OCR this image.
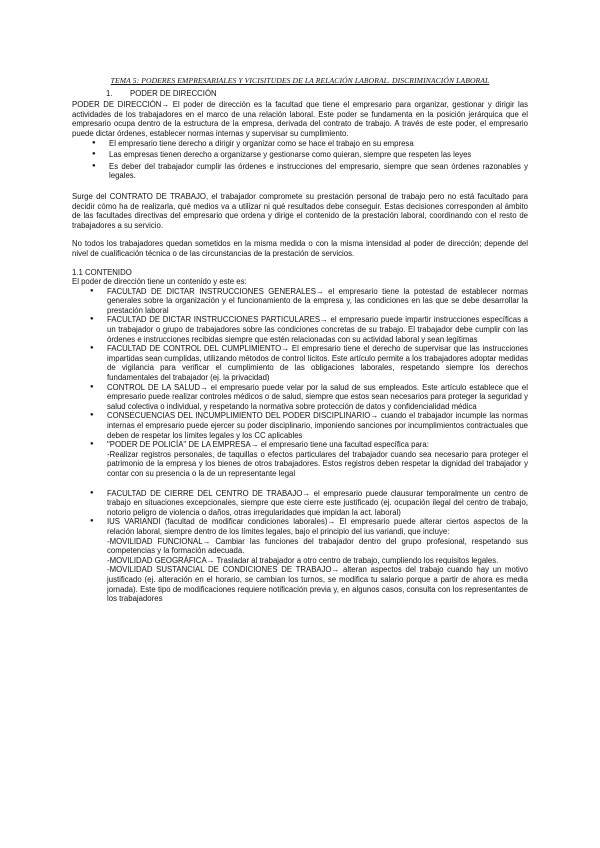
TEMA 5: PODERES EMPRESARIALES Y VICISITUDES DE LA RELACIÓN LABORAL. DISCRIMINACIÓN LABORAL
1. PODER DE DIRECCIÓN

PODER DE DIRECCIÓN→ El poder de dirección es la facultad que tiene el empresario para organizar, gestionar y dirigir las actividades de los trabajadores en el marco de una relación laboral. Este poder se fundamenta en la posición jerárquica que el empresario ocupa dentro de la estructura de la empresa, derivada del contrato de trabajo. A través de este poder, el empresario puede dictar órdenes, establecer normas internas y supervisar su cumplimiento.

● El empresario tiene derecho a dirigir y organizar como se hace el trabajo en su empresa
● Las empresas tienen derecho a organizarse y gestionarse como quieran, siempre que respeten las leyes
● Es deber del trabajador cumplir las órdenes e instrucciones del empresario, siempre que sean órdenes razonables y legales.

Surge del CONTRATO DE TRABAJO, el trabajador compromete su prestación personal de trabajo pero no está facultado para decidir cómo ha de realizarla, qué medios va a utilizar ni qué resultados debe conseguir. Estas decisiones corresponden al ámbito de las facultades directivas del empresario que ordena y dirige el contenido de la prestación laboral, coordinando con el resto de trabajadores a su servicio.

No todos los trabajadores quedan sometidos en la misma medida o con la misma intensidad al poder de dirección; depende del nivel de cualificación técnica o de las circunstancias de la prestación de servicios.

1.1 CONTENIDO
El poder de dirección tiene un contenido y este es:
● FACULTAD DE DICTAR INSTRUCCIONES GENERALES→ el empresario tiene la potestad de establecer normas generales sobre la organización y el funcionamiento de la empresa y, las condiciones en las que se debe desarrollar la prestación laboral
● FACULTAD DE DICTAR INSTRUCCIONES PARTICULARES→ el empresario puede impartir instrucciones específicas a un trabajador o grupo de trabajadores sobre las condiciones concretas de su trabajo. El trabajador debe cumplir con las órdenes e instrucciones recibidas siempre que estén relacionadas con su actividad laboral y sean legítimas
● FACULTAD DE CONTROL DEL CUMPLIMIENTO→ El empresario tiene el derecho de supervisar que las instrucciones impartidas sean cumplidas, utilizando métodos de control lícitos. Este artículo permite a los trabajadores adoptar medidas de vigilancia para verificar el cumplimiento de las obligaciones laborales, respetando siempre los derechos fundamentales del trabajador (ej. la privacidad)
● CONTROL DE LA SALUD→ el empresario puede velar por la salud de sus empleados. Este artículo establece que el empresario puede realizar controles médicos o de salud, siempre que estos sean necesarios para proteger la seguridad y salud colectiva o individual, y respetando la normativa sobre protección de datos y confidencialidad médica
● CONSECUENCIAS DEL INCUMPLIMIENTO DEL PODER DISCIPLINARIO→ cuando el trabajador incumple las normas internas el empresario puede ejercer su poder disciplinario, imponiendo sanciones por incumplimientos contractuales que deben de respetar los límites legales y los CC aplicables
● "PODER DE POLICÍA" DE LA EMPRESA→ el empresario tiene una facultad específica para:
-Realizar registros personales, de taquillas o efectos particulares del trabajador cuando sea necesario para proteger el patrimonio de la empresa y los bienes de otros trabajadores. Estos registros deben respetar la dignidad del trabajador y contar con su presencia o la de un representante legal
● FACULTAD DE CIERRE DEL CENTRO DE TRABAJO→ el empresario puede clausurar temporalmente un centro de trabajo en situaciones excepcionales, siempre que este cierre este justificado (ej. ocupación ilegal del centro de trabajo, notorio peligro de violencia o daños, otras irregularidades que impidan la act. laboral)
● IUS VARIANDI (facultad de modificar condiciones laborales)→ El empresario puede alterar ciertos aspectos de la relación laboral, siempre dentro de los límites legales, bajo el principio del ius variandi, que incluye:
-MOVILIDAD FUNCIONAL→ Cambiar las funciones del trabajador dentro del grupo profesional, respetando sus competencias y la formación adecuada.
-MOVILIDAD GEOGRÁFICA→ Trasladar al trabajador a otro centro de trabajo, cumpliendo los requisitos legales.
-MOVILIDAD SUSTANCIAL DE CONDICIONES DE TRABAJO→ alteran aspectos del trabajo cuando hay un motivo justificado (ej. alteración en el horario, se cambian los turnos, se modifica tu salario porque a partir de ahora es media jornada). Este tipo de modificaciones requiere notificación previa y, en algunos casos, consulta con los representantes de los trabajadores
